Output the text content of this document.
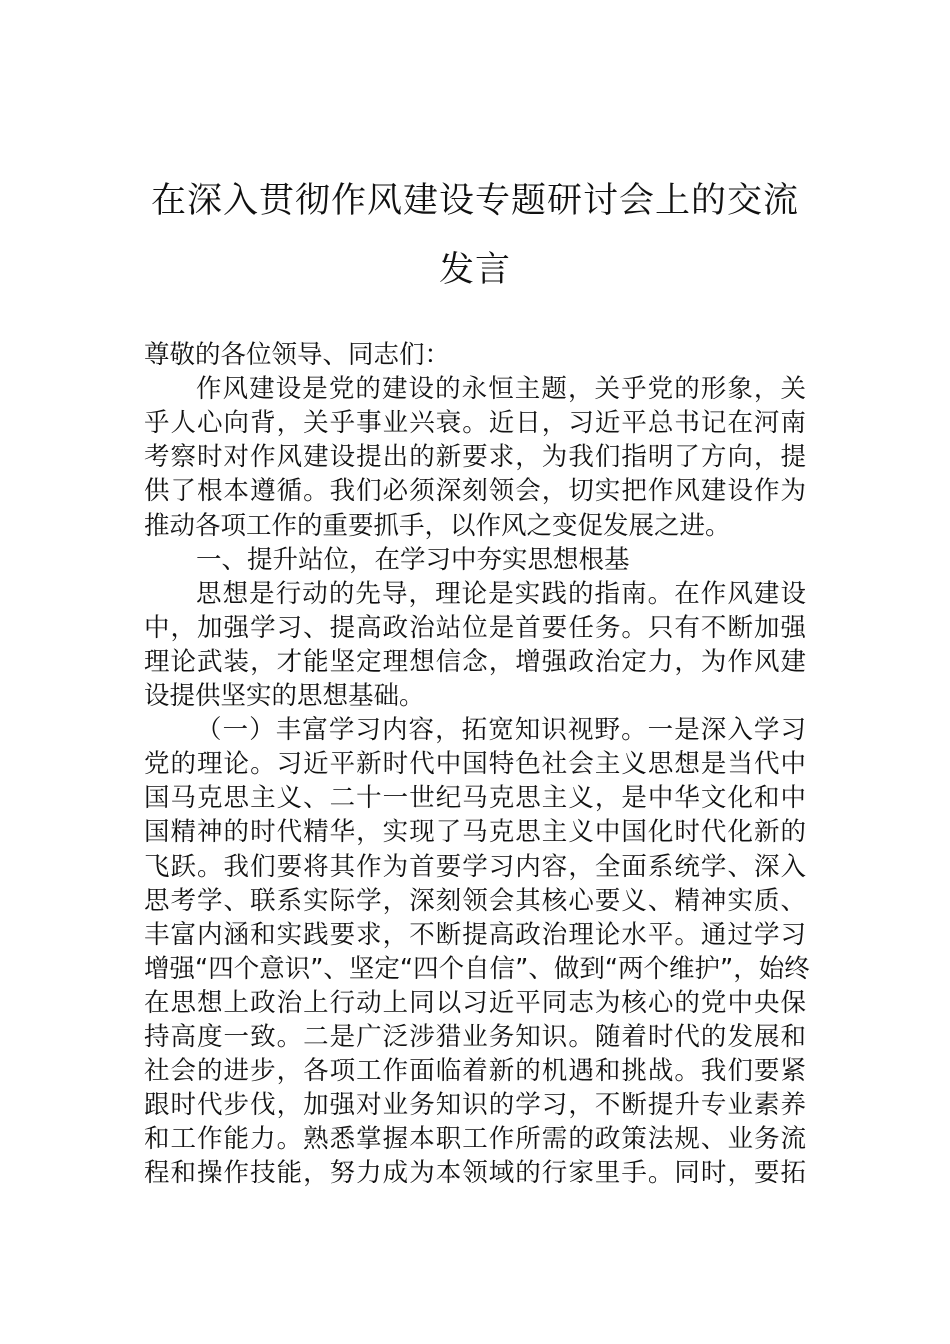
在深入贯彻作风建设专题研讨会上的交流
发言
尊敬的各位领导、同志们：
作风建设是党的建设的永恒主题，关乎党的形象，关
乎人心向背，关乎事业兴衰。近日，习近平总书记在河南
考察时对作风建设提出的新要求，为我们指明了方向，提
供了根本遵循。我们必须深刻领会，切实把作风建设作为
推动各项工作的重要抓手，以作风之变促发展之进。
一、提升站位，在学习中夯实思想根基
思想是行动的先导，理论是实践的指南。在作风建设
中，加强学习、提高政治站位是首要任务。只有不断加强
理论武装，才能坚定理想信念，增强政治定力，为作风建
设提供坚实的思想基础。
（一）丰富学习内容，拓宽知识视野。一是深入学习
党的理论。习近平新时代中国特色社会主义思想是当代中
国马克思主义、二十一世纪马克思主义，是中华文化和中
国精神的时代精华，实现了马克思主义中国化时代化新的
飞跃。我们要将其作为首要学习内容，全面系统学、深入
思考学、联系实际学，深刻领会其核心要义、精神实质、
丰富内涵和实践要求，不断提高政治理论水平。通过学习
增强“四个意识”、坚定“四个自信”、做到“两个维护”，始终
在思想上政治上行动上同以习近平同志为核心的党中央保
持高度一致。二是广泛涉猎业务知识。随着时代的发展和
社会的进步，各项工作面临着新的机遇和挑战。我们要紧
跟时代步伐，加强对业务知识的学习，不断提升专业素养
和工作能力。熟悉掌握本职工作所需的政策法规、业务流
程和操作技能，努力成为本领域的行家里手。同时，要拓
